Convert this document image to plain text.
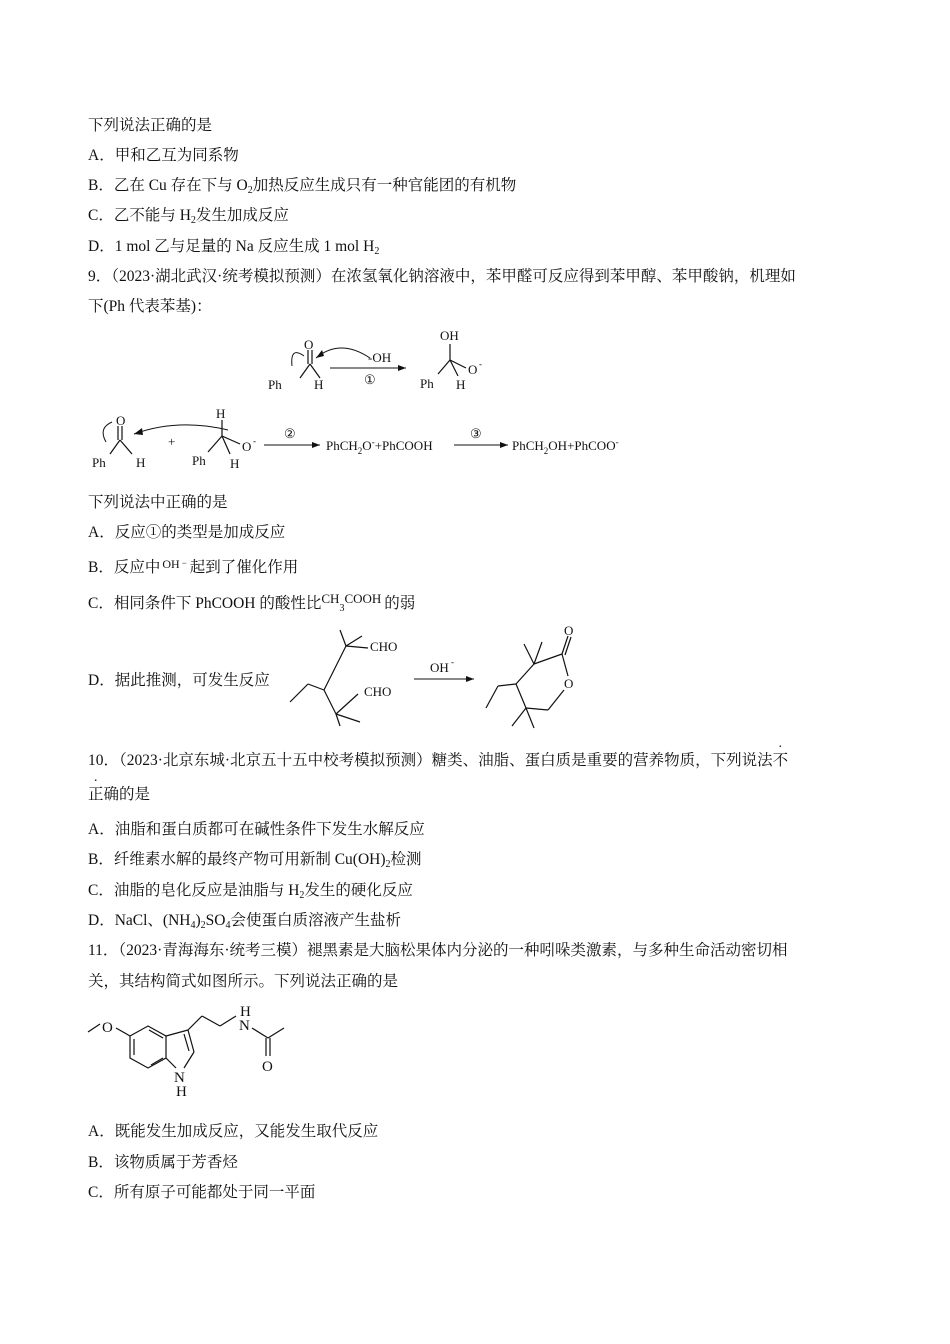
下列说法正确的是
A．甲和乙互为同系物
B．乙在 Cu 存在下与 $O_2$加热反应生成只有一种官能团的有机物
C．乙不能与 $H_2$发生加成反应
D．1 mol 乙与足量的 Na 反应生成 1 mol $H_2$
9．（2023·湖北武汉·统考模拟预测）在浓氢氧化钠溶液中，苯甲醛可反应得到苯甲醇、苯甲酸钠，机理如
下(Ph 代表苯基)：
O
Ph H
-OH
①
OH
O -
Ph H
O
Ph H
+
H
O -
Ph H
②
PhCH$_2$O-+PhCOOH
③
PhCH$_2$OH+PhCOO-
下列说法中正确的是
A．反应①的类型是加成反应
B．反应中 $^{OH}$ − 起到了催化作用
C．相同条件下 PhCOOH 的酸性比$^{CH}_3^{COOH}$ 的弱
D．据此推测，可发生反应
CHO
CHO
OH -
O
O
10．（2023·北京东城·北京五十五中校考模拟预测）糖类、油脂、蛋白质是重要的营养物质，下列说法不
正确的是
A．油脂和蛋白质都可在碱性条件下发生水解反应
B．纤维素水解的最终产物可用新制 $Cu(OH)_2$检测
C．油脂的皂化反应是油脂与 $H_2$发生的硬化反应
D．NaCl、$(NH_4)_2SO_4$会使蛋白质溶液产生盐析
11．（2023·青海海东·统考三模）褪黑素是大脑松果体内分泌的一种吲哚类激素，与多种生命活动密切相
关，其结构简式如图所示。下列说法正确的是
O
N
H
H
N
O
A．既能发生加成反应，又能发生取代反应
B．该物质属于芳香烃
C．所有原子可能都处于同一平面
